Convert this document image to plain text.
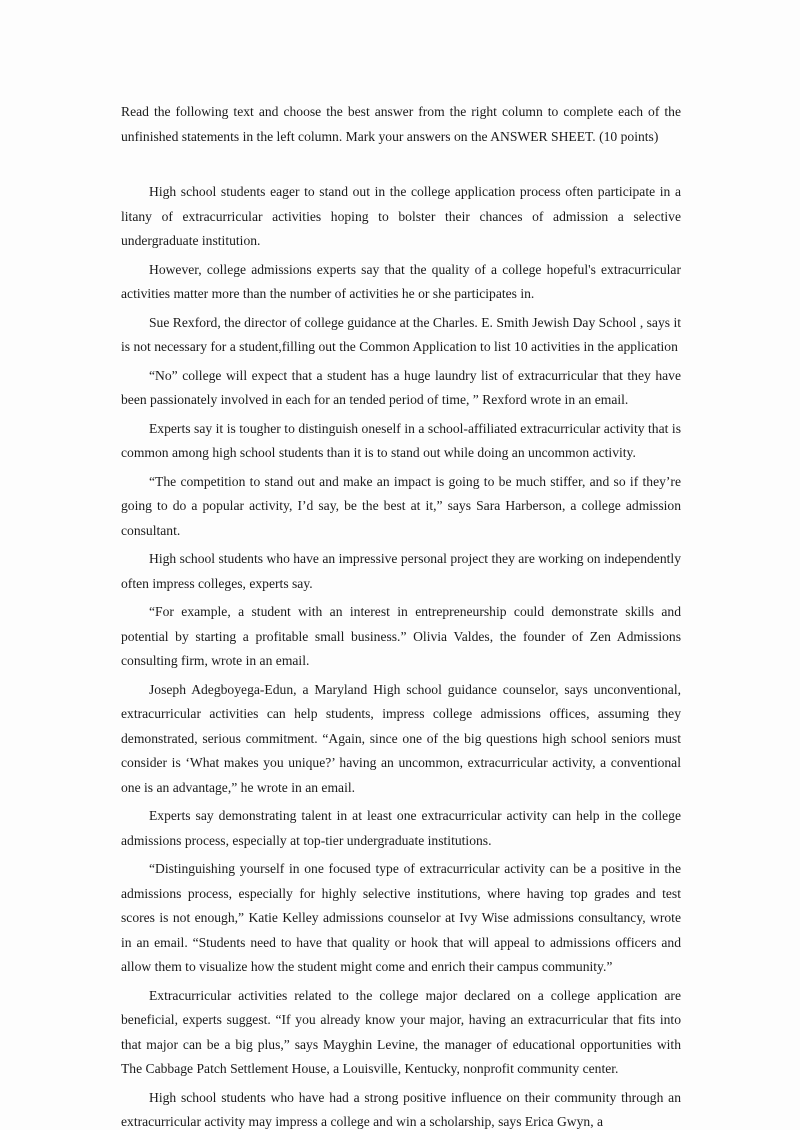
Read the following text and choose the best answer from the right column to complete each of the unfinished statements in the left column. Mark your answers on the ANSWER SHEET. (10 points)

High school students eager to stand out in the college application process often participate in a litany of extracurricular activities hoping to bolster their chances of admission a selective undergraduate institution.

However, college admissions experts say that the quality of a college hopeful's extracurricular activities matter more than the number of activities he or she participates in.

Sue Rexford, the director of college guidance at the Charles. E. Smith Jewish Day School , says it is not necessary for a student,filling out the Common Application to list 10 activities in the application

“No” college will expect that a student has a huge laundry list of extracurricular that they have been passionately involved in each for an tended period of time, ” Rexford wrote in an email.

Experts say it is tougher to distinguish oneself in a school-affiliated extracurricular activity that is common among high school students than it is to stand out while doing an uncommon activity.

“The competition to stand out and make an impact is going to be much stiffer, and so if they’re going to do a popular activity, I’d say, be the best at it,” says Sara Harberson, a college admission consultant.

High school students who have an impressive personal project they are working on independently often impress colleges, experts say.

“For example, a student with an interest in entrepreneurship could demonstrate skills and potential by starting a profitable small business.” Olivia Valdes, the founder of Zen Admissions consulting firm, wrote in an email.

Joseph Adegboyega-Edun, a Maryland High school guidance counselor, says unconventional, extracurricular activities can help students, impress college admissions offices, assuming they demonstrated, serious commitment. “Again, since one of the big questions high school seniors must consider is ‘What makes you unique?’ having an uncommon, extracurricular activity, a conventional one is an advantage,” he wrote in an email.

Experts say demonstrating talent in at least one extracurricular activity can help in the college admissions process, especially at top-tier undergraduate institutions.

“Distinguishing yourself in one focused type of extracurricular activity can be a positive in the admissions process, especially for highly selective institutions, where having top grades and test scores is not enough,” Katie Kelley admissions counselor at Ivy Wise admissions consultancy, wrote in an email. “Students need to have that quality or hook that will appeal to admissions officers and allow them to visualize how the student might come and enrich their campus community.”

Extracurricular activities related to the college major declared on a college application are beneficial, experts suggest. “If you already know your major, having an extracurricular that fits into that major can be a big plus,” says Mayghin Levine, the manager of educational opportunities with The Cabbage Patch Settlement House, a Louisville, Kentucky, nonprofit community center.

High school students who have had a strong positive influence on their community through an extracurricular activity may impress a college and win a scholarship, says Erica Gwyn, a
